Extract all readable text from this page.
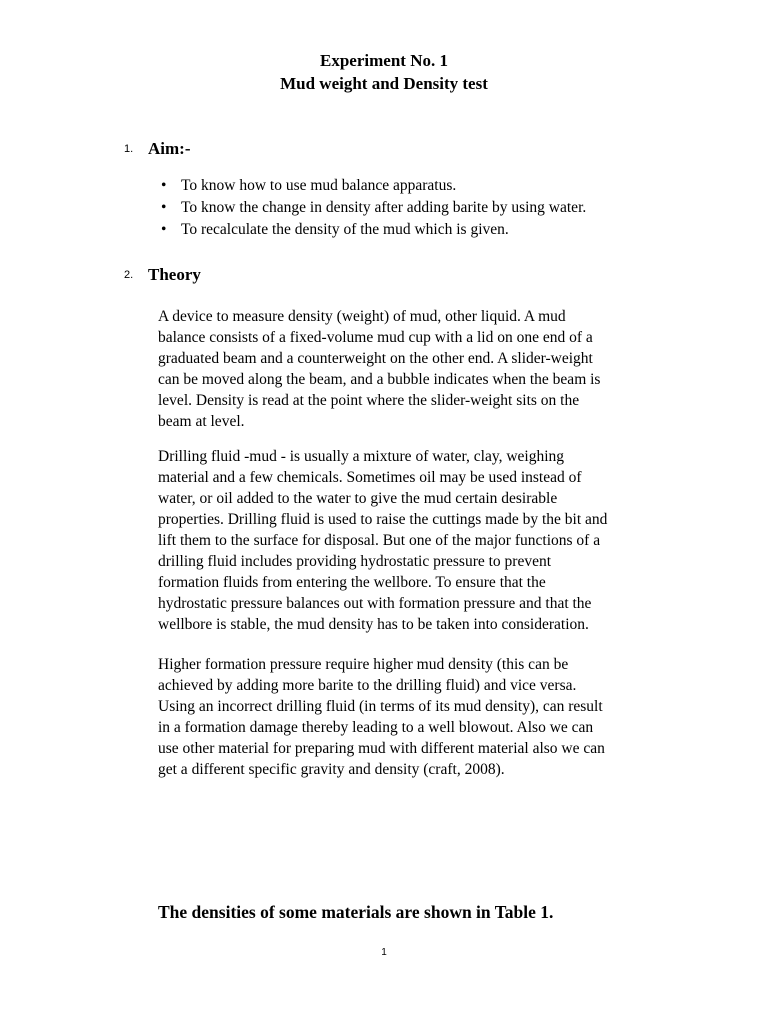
Experiment No. 1
Mud weight and Density test
1. Aim:-
• To know how to use mud balance apparatus.
• To know the change in density after adding barite by using water.
• To recalculate the density of the mud which is given.
2. Theory
A device to measure density (weight) of mud, other liquid. A mud
balance consists of a fixed-volume mud cup with a lid on one end of a
graduated beam and a counterweight on the other end. A slider-weight
can be moved along the beam, and a bubble indicates when the beam is
level. Density is read at the point where the slider-weight sits on the
beam at level.
Drilling fluid -mud - is usually a mixture of water, clay, weighing
material and a few chemicals. Sometimes oil may be used instead of
water, or oil added to the water to give the mud certain desirable
properties. Drilling fluid is used to raise the cuttings made by the bit and
lift them to the surface for disposal. But one of the major functions of a
drilling fluid includes providing hydrostatic pressure to prevent
formation fluids from entering the wellbore. To ensure that the
hydrostatic pressure balances out with formation pressure and that the
wellbore is stable, the mud density has to be taken into consideration.
Higher formation pressure require higher mud density (this can be
achieved by adding more barite to the drilling fluid) and vice versa.
Using an incorrect drilling fluid (in terms of its mud density), can result
in a formation damage thereby leading to a well blowout. Also we can
use other material for preparing mud with different material also we can
get a different specific gravity and density (craft, 2008).
The densities of some materials are shown in Table 1.
1
